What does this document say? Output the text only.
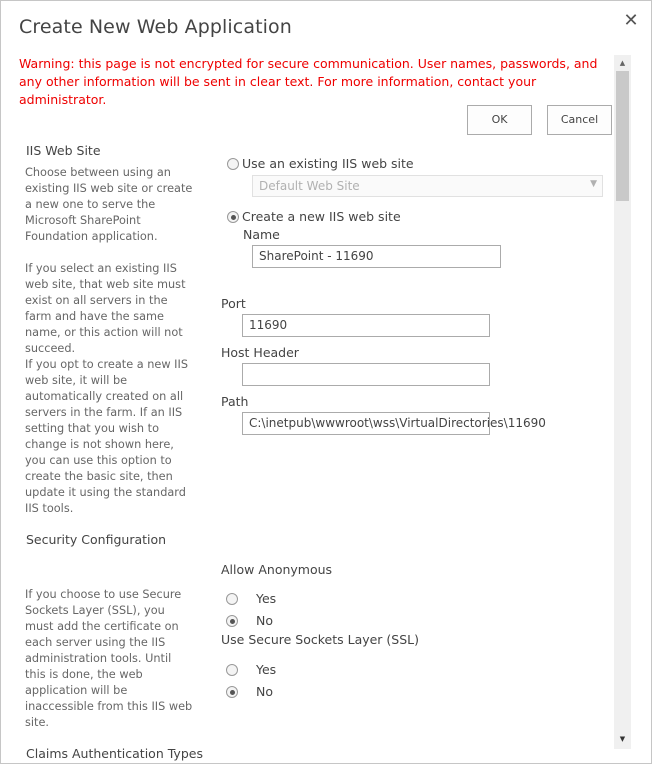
Create New Web Application	✕
Warning: this page is not encrypted for secure communication. User names, passwords, and any other information will be sent in clear text. For more information, contact your administrator.
OK	Cancel
IIS Web Site
Choose between using an existing IIS web site or create a new one to serve the Microsoft SharePoint Foundation application.
If you select an existing IIS web site, that web site must exist on all servers in the farm and have the same name, or this action will not succeed.
If you opt to create a new IIS web site, it will be automatically created on all servers in the farm. If an IIS setting that you wish to change is not shown here, you can use this option to create the basic site, then update it using the standard IIS tools.
Use an existing IIS web site
Default Web Site	▼
Create a new IIS web site
Name
SharePoint - 11690
Port
11690
Host Header
Path
C:\inetpub\wwwroot\wss\VirtualDirectories\11690
Security Configuration
If you choose to use Secure Sockets Layer (SSL), you must add the certificate on each server using the IIS administration tools. Until this is done, the web application will be inaccessible from this IIS web site.
Allow Anonymous
Yes
No
Use Secure Sockets Layer (SSL)
Yes
No
Claims Authentication Types
▲
▼
